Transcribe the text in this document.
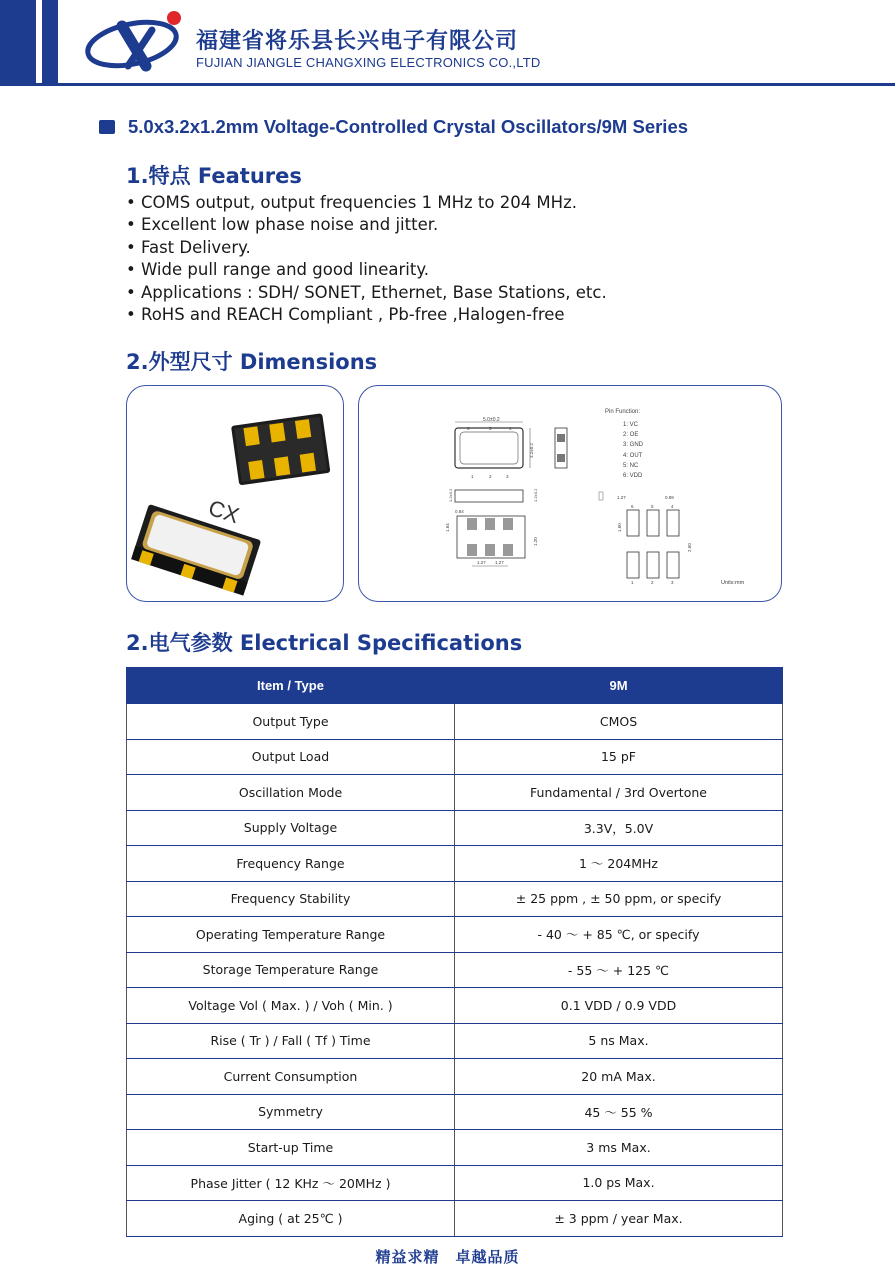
福建省将乐县长兴电子有限公司
FUJIAN JIANGLE CHANGXING ELECTRONICS CO.,LTD
5.0x3.2x1.2mm Voltage-Controlled Crystal Oscillators/9M Series
1.特点 Features
• COMS output, output frequencies 1 MHz to 204 MHz.
• Excellent low phase noise and jitter.
• Fast Delivery.
• Wide pull range and good linearity.
• Applications : SDH/ SONET, Ethernet, Base Stations, etc.
• RoHS and REACH Compliant , Pb-free ,Halogen-free
2.外型尺寸 Dimensions
CX
5.0±0.2
6	5	4
1	2	3
3.2±0.2
1.2±0.2	1.2±0.2
0.84
1.64
1.20
1.27 1.27
Pin Function:
1: VC
2: OE
3: GND
4: OUT
5: NC
6: VDD
1.27	0.89
1.60
2.60
6	5	4
1	2	3	Units:mm
2.电气参数 Electrical Specifications
Item / Type	9M
Output Type	CMOS
Output Load	15 pF
Oscillation Mode	Fundamental / 3rd Overtone
Supply Voltage	3.3V，5.0V
Frequency Range	1 ～ 204MHz
Frequency Stability	± 25 ppm , ± 50 ppm, or specify
Operating Temperature Range	- 40 ～ + 85 ℃, or specify
Storage Temperature Range	- 55 ～ + 125 ℃
Voltage Vol ( Max. ) / Voh ( Min. )	0.1 VDD / 0.9 VDD
Rise ( Tr ) / Fall ( Tf ) Time	5 ns Max.
Current Consumption	20 mA Max.
Symmetry	45 ～ 55 %
Start-up Time	3 ms Max.
Phase Jitter ( 12 KHz ～ 20MHz )	1.0 ps Max.
Aging ( at 25℃ )	± 3 ppm / year Max.
精益求精　卓越品质
